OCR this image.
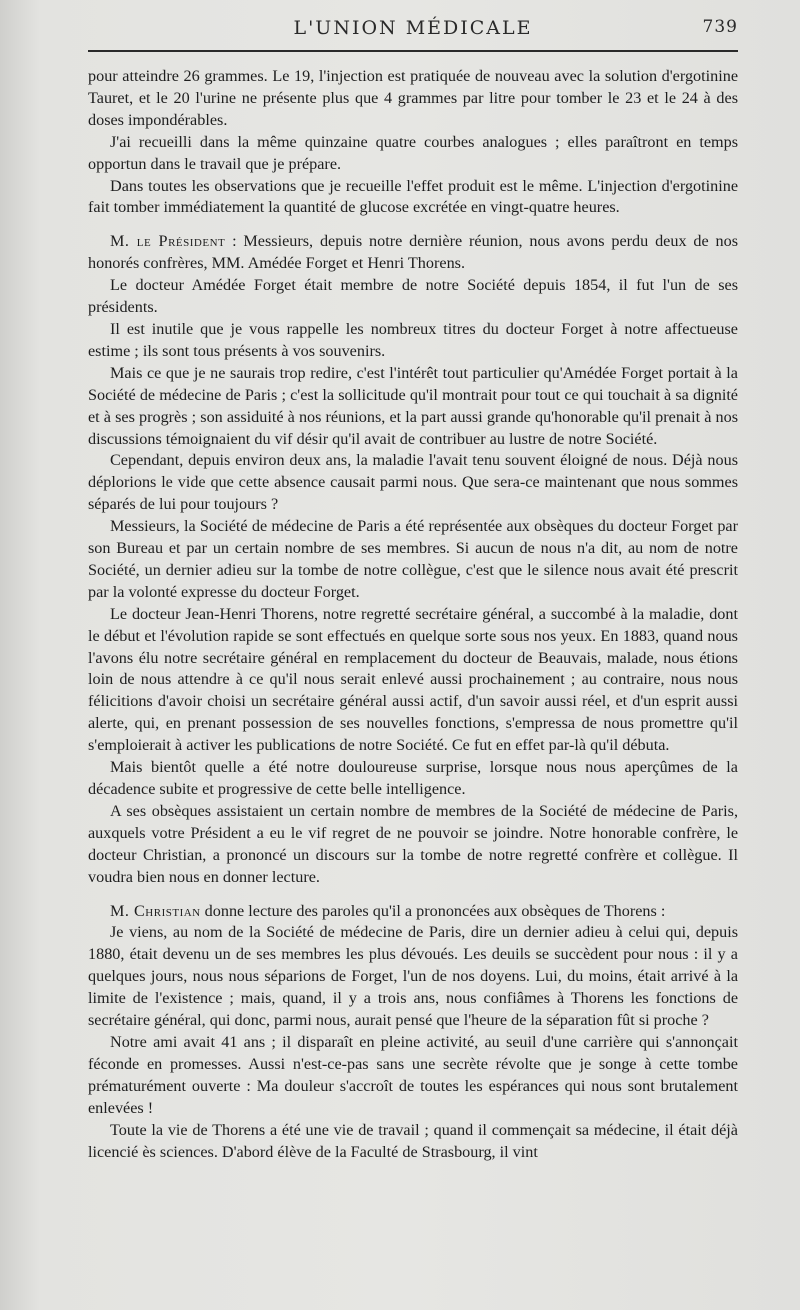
L'UNION MÉDICALE	739

pour atteindre 26 grammes. Le 19, l'injection est pratiquée de nouveau avec la solution d'ergotinine Tauret, et le 20 l'urine ne présente plus que 4 grammes par litre pour tomber le 23 et le 24 à des doses impondérables.

J'ai recueilli dans la même quinzaine quatre courbes analogues ; elles paraîtront en temps opportun dans le travail que je prépare.

Dans toutes les observations que je recueille l'effet produit est le même. L'injection d'ergotinine fait tomber immédiatement la quantité de glucose excrétée en vingt-quatre heures.

M. le Président : Messieurs, depuis notre dernière réunion, nous avons perdu deux de nos honorés confrères, MM. Amédée Forget et Henri Thorens.

Le docteur Amédée Forget était membre de notre Société depuis 1854, il fut l'un de ses présidents.

Il est inutile que je vous rappelle les nombreux titres du docteur Forget à notre affectueuse estime ; ils sont tous présents à vos souvenirs.

Mais ce que je ne saurais trop redire, c'est l'intérêt tout particulier qu'Amédée Forget portait à la Société de médecine de Paris ; c'est la sollicitude qu'il montrait pour tout ce qui touchait à sa dignité et à ses progrès ; son assiduité à nos réunions, et la part aussi grande qu'honorable qu'il prenait à nos discussions témoignaient du vif désir qu'il avait de contribuer au lustre de notre Société.

Cependant, depuis environ deux ans, la maladie l'avait tenu souvent éloigné de nous. Déjà nous déplorions le vide que cette absence causait parmi nous. Que sera-ce maintenant que nous sommes séparés de lui pour toujours ?

Messieurs, la Société de médecine de Paris a été représentée aux obsèques du docteur Forget par son Bureau et par un certain nombre de ses membres. Si aucun de nous n'a dit, au nom de notre Société, un dernier adieu sur la tombe de notre collègue, c'est que le silence nous avait été prescrit par la volonté expresse du docteur Forget.

Le docteur Jean-Henri Thorens, notre regretté secrétaire général, a succombé à la maladie, dont le début et l'évolution rapide se sont effectués en quelque sorte sous nos yeux. En 1883, quand nous l'avons élu notre secrétaire général en remplacement du docteur de Beauvais, malade, nous étions loin de nous attendre à ce qu'il nous serait enlevé aussi prochainement ; au contraire, nous nous félicitions d'avoir choisi un secrétaire général aussi actif, d'un savoir aussi réel, et d'un esprit aussi alerte, qui, en prenant possession de ses nouvelles fonctions, s'empressa de nous promettre qu'il s'emploierait à activer les publications de notre Société. Ce fut en effet par-là qu'il débuta.

Mais bientôt quelle a été notre douloureuse surprise, lorsque nous nous aperçûmes de la décadence subite et progressive de cette belle intelligence.

A ses obsèques assistaient un certain nombre de membres de la Société de médecine de Paris, auxquels votre Président a eu le vif regret de ne pouvoir se joindre. Notre honorable confrère, le docteur Christian, a prononcé un discours sur la tombe de notre regretté confrère et collègue. Il voudra bien nous en donner lecture.

M. Christian donne lecture des paroles qu'il a prononcées aux obsèques de Thorens :

Je viens, au nom de la Société de médecine de Paris, dire un dernier adieu à celui qui, depuis 1880, était devenu un de ses membres les plus dévoués. Les deuils se succèdent pour nous : il y a quelques jours, nous nous séparions de Forget, l'un de nos doyens. Lui, du moins, était arrivé à la limite de l'existence ; mais, quand, il y a trois ans, nous confiâmes à Thorens les fonctions de secrétaire général, qui donc, parmi nous, aurait pensé que l'heure de la séparation fût si proche ?

Notre ami avait 41 ans ; il disparaît en pleine activité, au seuil d'une carrière qui s'annonçait féconde en promesses. Aussi n'est-ce-pas sans une secrète révolte que je songe à cette tombe prématurément ouverte : Ma douleur s'accroît de toutes les espérances qui nous sont brutalement enlevées !

Toute la vie de Thorens a été une vie de travail ; quand il commençait sa médecine, il était déjà licencié ès sciences. D'abord élève de la Faculté de Strasbourg, il vint
